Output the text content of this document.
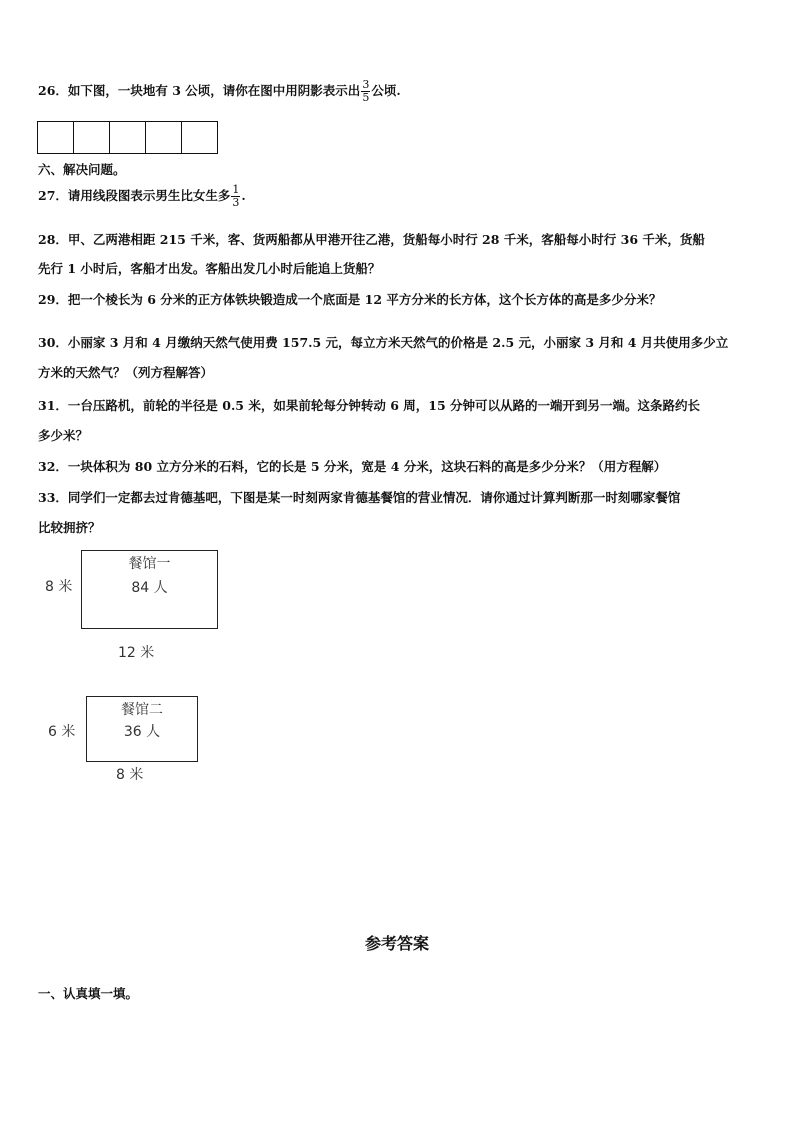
26．如下图，一块地有 3 公顷，请你在图中用阴影表示出 $\frac{3}{5}$ 公顷.
六、解决问题。
27．请用线段图表示男生比女生多 $\frac{1}{3}$ .
28．甲、乙两港相距 215 千米，客、货两船都从甲港开往乙港，货船每小时行 28 千米，客船每小时行 36 千米，货船
先行 1 小时后，客船才出发。客船出发几小时后能追上货船？
29．把一个棱长为 6 分米的正方体铁块锻造成一个底面是 12 平方分米的长方体，这个长方体的高是多少分米？
30．小丽家 3 月和 4 月缴纳天然气使用费 157.5 元，每立方米天然气的价格是 2.5 元，小丽家 3 月和 4 月共使用多少立
方米的天然气？（列方程解答）
31．一台压路机，前轮的半径是 0.5 米，如果前轮每分钟转动 6 周，15 分钟可以从路的一端开到另一端。这条路约长
多少米？
32．一块体积为 80 立方分米的石料，它的长是 5 分米，宽是 4 分米，这块石料的高是多少分米？（用方程解）
33．同学们一定都去过肯德基吧，下图是某一时刻两家肯德基餐馆的营业情况．请你通过计算判断那一时刻哪家餐馆
比较拥挤？
餐馆一
84 人
8 米
12 米
餐馆二
36 人
6 米
8 米
参考答案
一、认真填一填。
